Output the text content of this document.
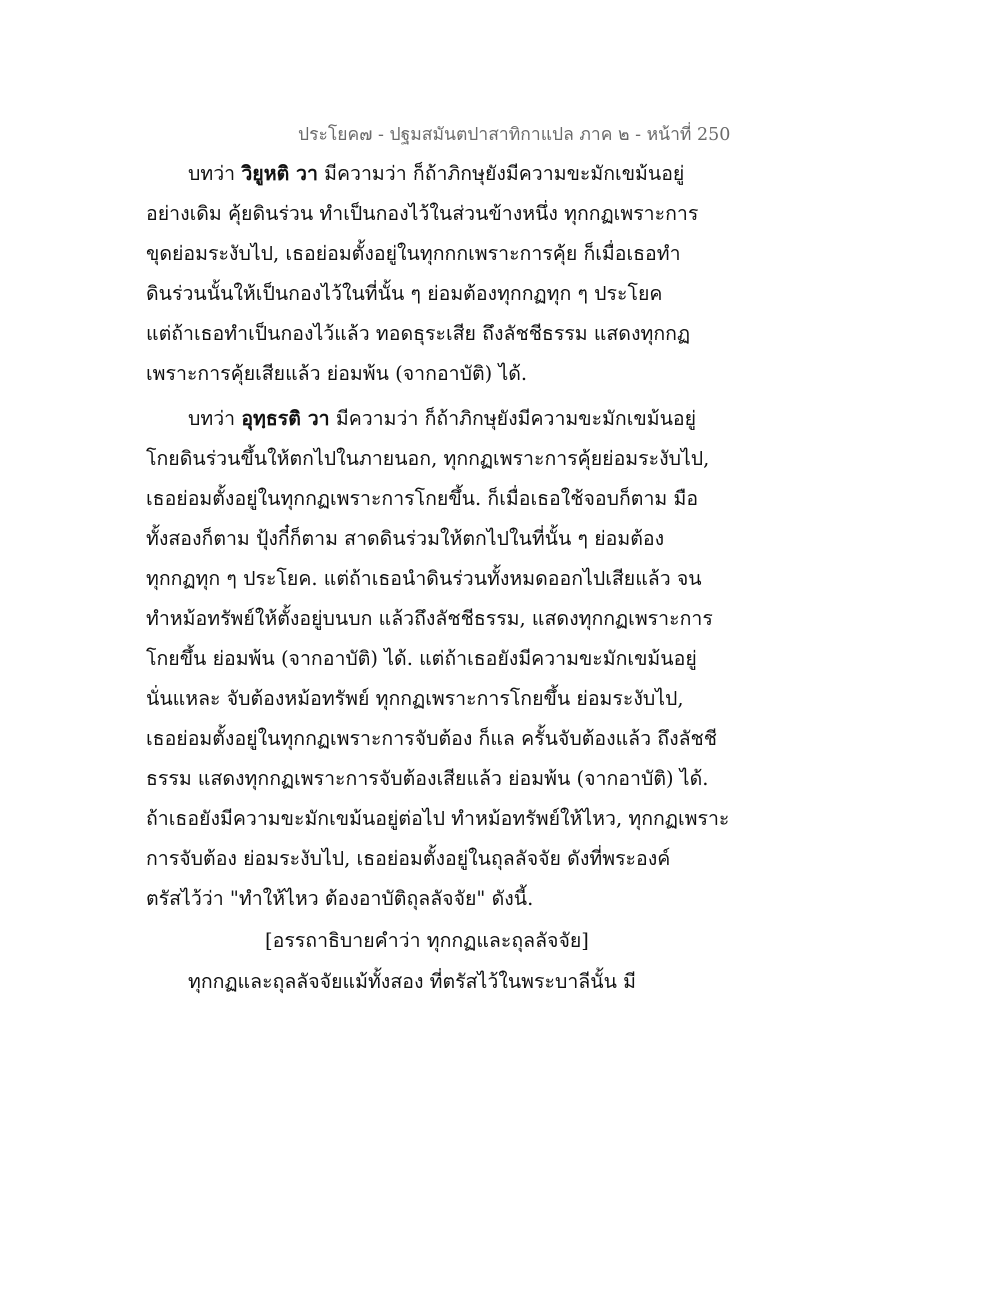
ประโยค๗ - ปฐมสมันตปาสาทิกาแปล ภาค ๒ - หน้าที่ 250
บทว่า วิยูหติ วา มีความว่า ก็ถ้าภิกษุยังมีความขะมักเขม้นอยู่
อย่างเดิม คุ้ยดินร่วน ทำเป็นกองไว้ในส่วนข้างหนึ่ง ทุกกฏเพราะการ
ขุดย่อมระงับไป, เธอย่อมตั้งอยู่ในทุกกกเพราะการคุ้ย ก็เมื่อเธอทำ
ดินร่วนนั้นให้เป็นกองไว้ในที่นั้น ๆ ย่อมต้องทุกกฏทุก ๆ ประโยค
แต่ถ้าเธอทำเป็นกองไว้แล้ว ทอดธุระเสีย ถึงลัชชีธรรม แสดงทุกกฏ
เพราะการคุ้ยเสียแล้ว ย่อมพ้น (จากอาบัติ) ได้.
บทว่า อุทฺธรติ วา มีความว่า ก็ถ้าภิกษุยังมีความขะมักเขม้นอยู่
โกยดินร่วนขึ้นให้ตกไปในภายนอก, ทุกกฏเพราะการคุ้ยย่อมระงับไป,
เธอย่อมตั้งอยู่ในทุกกฏเพราะการโกยขึ้น. ก็เมื่อเธอใช้จอบก็ตาม มือ
ทั้งสองก็ตาม ปุ้งกี๋ก็ตาม สาดดินร่วมให้ตกไปในที่นั้น ๆ ย่อมต้อง
ทุกกฏทุก ๆ ประโยค. แต่ถ้าเธอนำดินร่วนทั้งหมดออกไปเสียแล้ว จน
ทำหม้อทรัพย์ให้ตั้งอยู่บนบก แล้วถึงลัชชีธรรม, แสดงทุกกฏเพราะการ
โกยขึ้น ย่อมพ้น (จากอาบัติ) ได้. แต่ถ้าเธอยังมีความขะมักเขม้นอยู่
นั่นแหละ จับต้องหม้อทรัพย์ ทุกกฏเพราะการโกยขึ้น ย่อมระงับไป,
เธอย่อมตั้งอยู่ในทุกกฏเพราะการจับต้อง ก็แล ครั้นจับต้องแล้ว ถึงลัชชี
ธรรม แสดงทุกกฏเพราะการจับต้องเสียแล้ว ย่อมพ้น (จากอาบัติ) ได้.
ถ้าเธอยังมีความขะมักเขม้นอยู่ต่อไป ทำหม้อทรัพย์ให้ไหว, ทุกกฏเพราะ
การจับต้อง ย่อมระงับไป, เธอย่อมตั้งอยู่ในถุลลัจจัย ดังที่พระองค์
ตรัสไว้ว่า "ทำให้ไหว ต้องอาบัติถุลลัจจัย" ดังนี้.
[อรรถาธิบายคำว่า ทุกกฏและถุลลัจจัย]
ทุกกฏและถุลลัจจัยแม้ทั้งสอง ที่ตรัสไว้ในพระบาลีนั้น มี
